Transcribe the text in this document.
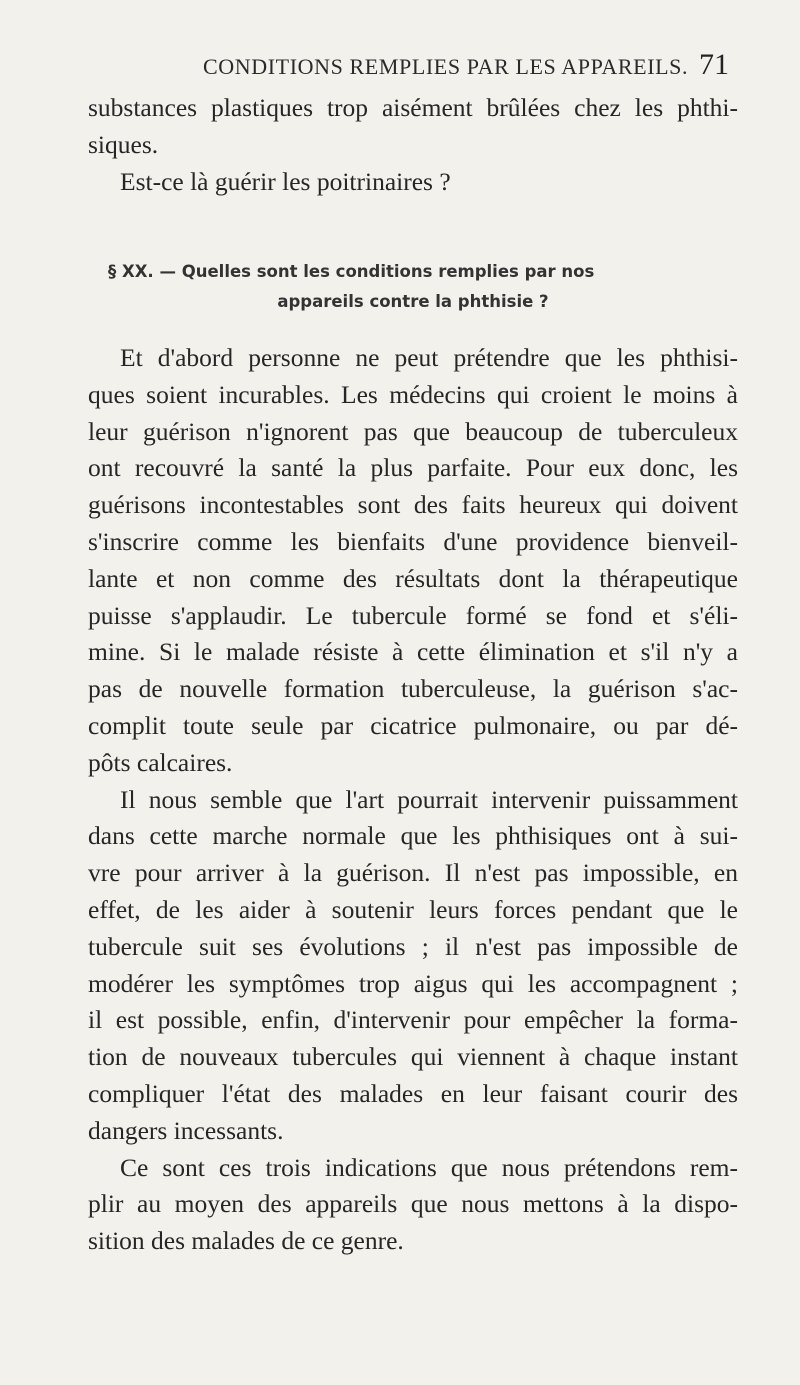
CONDITIONS REMPLIES PAR LES APPAREILS. 71
substances plastiques trop aisément brûlées chez les phthi-
siques.
Est-ce là guérir les poitrinaires ?
§ XX. — Quelles sont les conditions remplies par nos
appareils contre la phthisie ?
Et d'abord personne ne peut prétendre que les phthisi-
ques soient incurables. Les médecins qui croient le moins à
leur guérison n'ignorent pas que beaucoup de tuberculeux
ont recouvré la santé la plus parfaite. Pour eux donc, les
guérisons incontestables sont des faits heureux qui doivent
s'inscrire comme les bienfaits d'une providence bienveil-
lante et non comme des résultats dont la thérapeutique
puisse s'applaudir. Le tubercule formé se fond et s'éli-
mine. Si le malade résiste à cette élimination et s'il n'y a
pas de nouvelle formation tuberculeuse, la guérison s'ac-
complit toute seule par cicatrice pulmonaire, ou par dé-
pôts calcaires.
Il nous semble que l'art pourrait intervenir puissamment
dans cette marche normale que les phthisiques ont à sui-
vre pour arriver à la guérison. Il n'est pas impossible, en
effet, de les aider à soutenir leurs forces pendant que le
tubercule suit ses évolutions ; il n'est pas impossible de
modérer les symptômes trop aigus qui les accompagnent ;
il est possible, enfin, d'intervenir pour empêcher la forma-
tion de nouveaux tubercules qui viennent à chaque instant
compliquer l'état des malades en leur faisant courir des
dangers incessants.
Ce sont ces trois indications que nous prétendons rem-
plir au moyen des appareils que nous mettons à la dispo-
sition des malades de ce genre.
